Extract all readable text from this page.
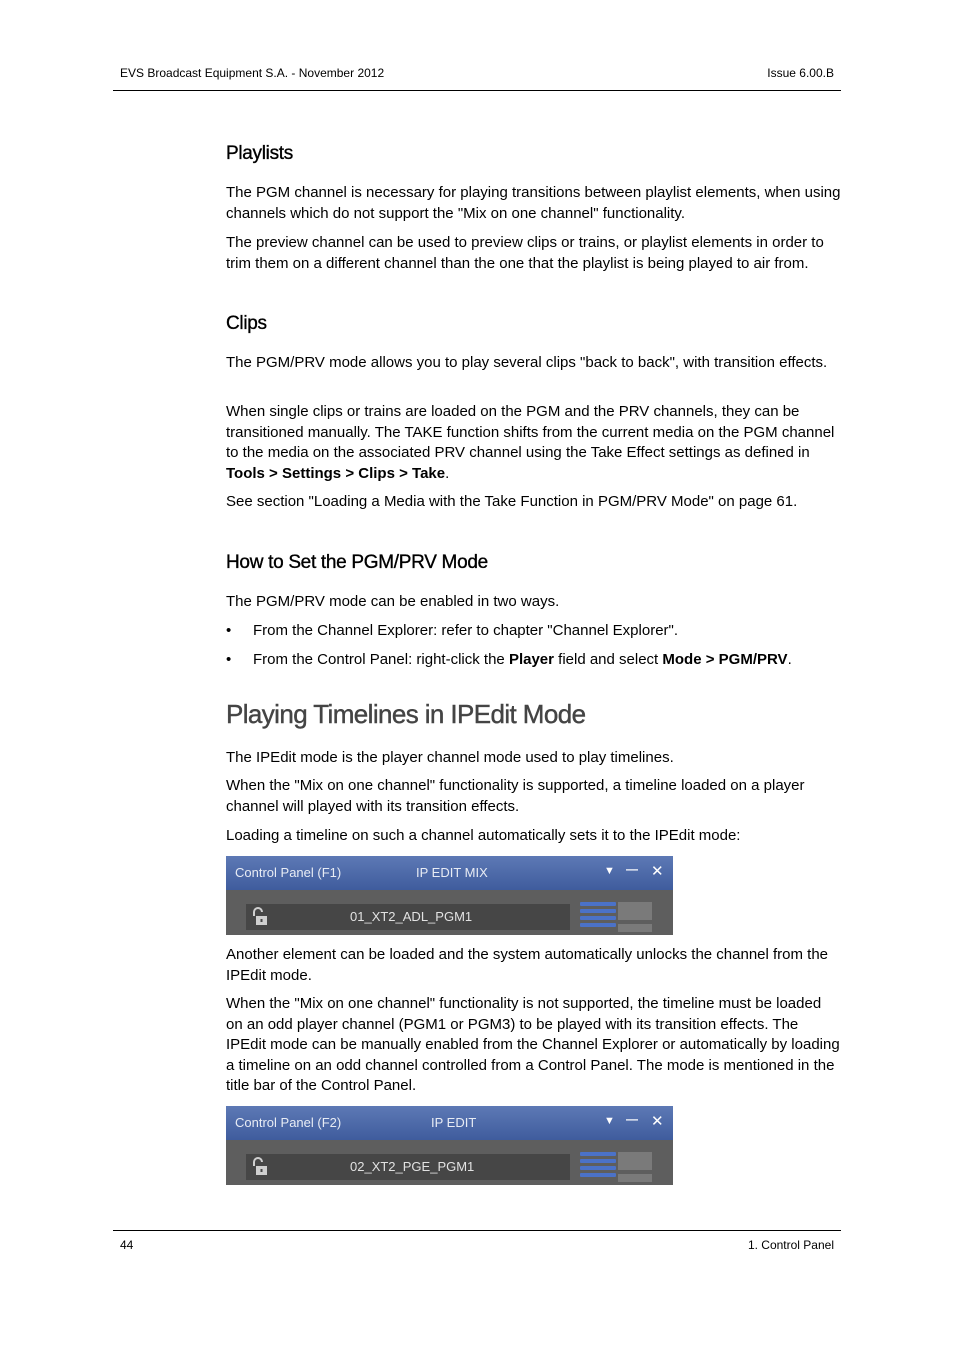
EVS Broadcast Equipment S.A. - November 2012	Issue 6.00.B
Playlists
The PGM channel is necessary for playing transitions between playlist elements, when using channels which do not support the "Mix on one channel" functionality.
The preview channel can be used to preview clips or trains, or playlist elements in order to trim them on a different channel than the one that the playlist is being played to air from.
Clips
The PGM/PRV mode allows you to play several clips "back to back", with transition effects.
When single clips or trains are loaded on the PGM and the PRV channels, they can be transitioned manually. The TAKE function shifts from the current media on the PGM channel to the media on the associated PRV channel using the Take Effect settings as defined in Tools > Settings > Clips > Take.
See section "Loading a Media with the Take Function in PGM/PRV Mode" on page 61.
How to Set the PGM/PRV Mode
The PGM/PRV mode can be enabled in two ways.
• From the Channel Explorer: refer to chapter "Channel Explorer".
• From the Control Panel: right-click the Player field and select Mode > PGM/PRV.
Playing Timelines in IPEdit Mode
The IPEdit mode is the player channel mode used to play timelines.
When the "Mix on one channel" functionality is supported, a timeline loaded on a player channel will played with its transition effects.
Loading a timeline on such a channel automatically sets it to the IPEdit mode:
Control Panel (F1)	IP EDIT MIX	▼ — ✕
01_XT2_ADL_PGM1
Another element can be loaded and the system automatically unlocks the channel from the IPEdit mode.
When the "Mix on one channel" functionality is not supported, the timeline must be loaded on an odd player channel (PGM1 or PGM3) to be played with its transition effects. The IPEdit mode can be manually enabled from the Channel Explorer or automatically by loading a timeline on an odd channel controlled from a Control Panel. The mode is mentioned in the title bar of the Control Panel.
Control Panel (F2)	IP EDIT	▼ — ✕
02_XT2_PGE_PGM1
44	1. Control Panel
